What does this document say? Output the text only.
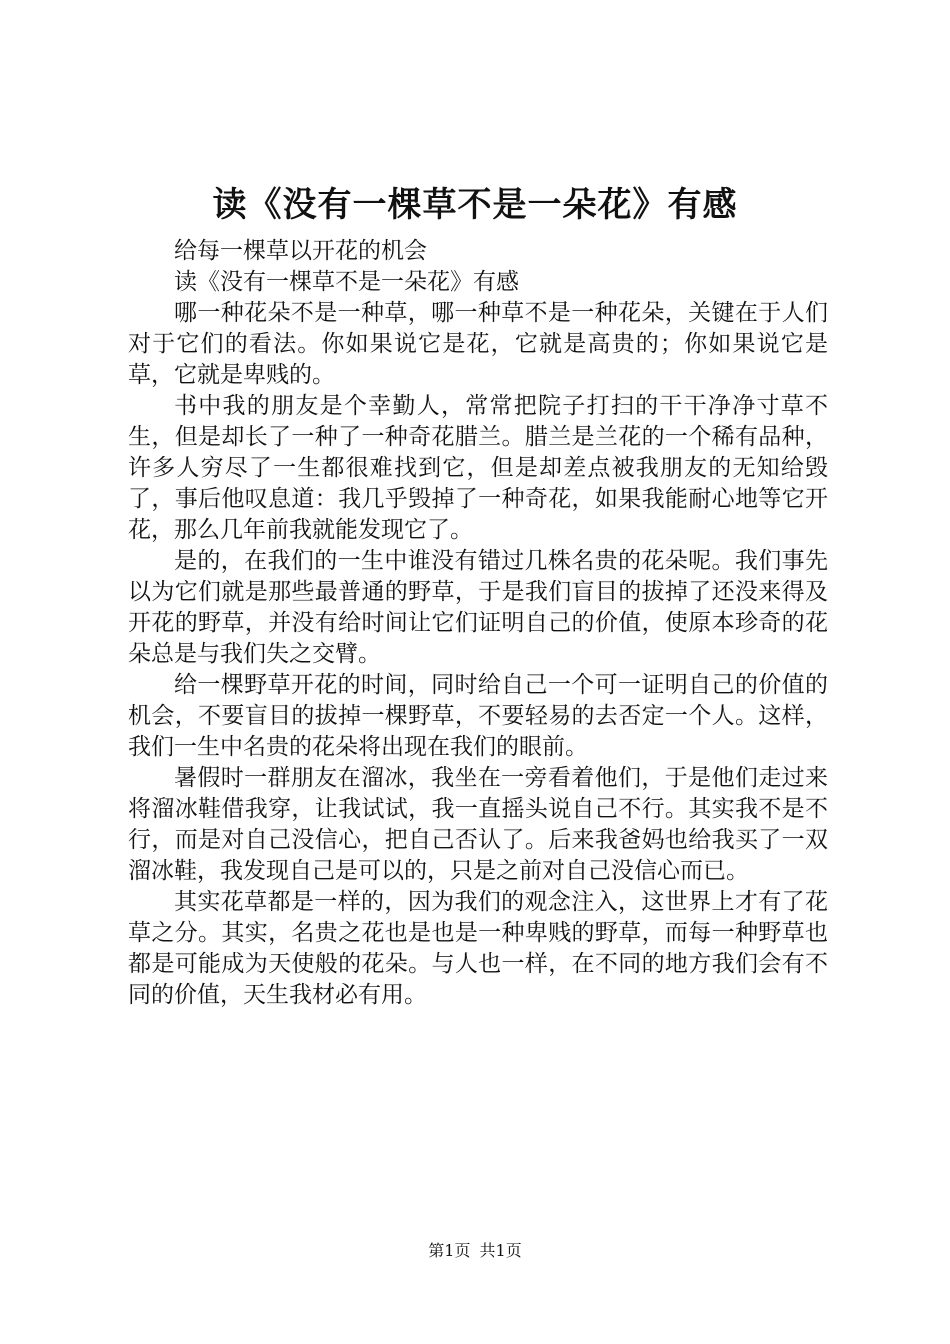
读《没有一棵草不是一朵花》有感

给每一棵草以开花的机会

读《没有一棵草不是一朵花》有感

哪一种花朵不是一种草，哪一种草不是一种花朵，关键在于人们对于它们的看法。你如果说它是花，它就是高贵的；你如果说它是草，它就是卑贱的。

书中我的朋友是个幸勤人，常常把院子打扫的干干净净寸草不生，但是却长了一种了一种奇花腊兰。腊兰是兰花的一个稀有品种，许多人穷尽了一生都很难找到它，但是却差点被我朋友的无知给毁了，事后他叹息道：我几乎毁掉了一种奇花，如果我能耐心地等它开花，那么几年前我就能发现它了。

是的，在我们的一生中谁没有错过几株名贵的花朵呢。我们事先以为它们就是那些最普通的野草，于是我们盲目的拔掉了还没来得及开花的野草，并没有给时间让它们证明自己的价值，使原本珍奇的花朵总是与我们失之交臂。

给一棵野草开花的时间，同时给自己一个可一证明自己的价值的机会，不要盲目的拔掉一棵野草，不要轻易的去否定一个人。这样，我们一生中名贵的花朵将出现在我们的眼前。

暑假时一群朋友在溜冰，我坐在一旁看着他们，于是他们走过来将溜冰鞋借我穿，让我试试，我一直摇头说自己不行。其实我不是不行，而是对自己没信心，把自己否认了。后来我爸妈也给我买了一双溜冰鞋，我发现自己是可以的，只是之前对自己没信心而已。

其实花草都是一样的，因为我们的观念注入，这世界上才有了花草之分。其实，名贵之花也是也是一种卑贱的野草，而每一种野草也都是可能成为天使般的花朵。与人也一样，在不同的地方我们会有不同的价值，天生我材必有用。

第1页 共1页
